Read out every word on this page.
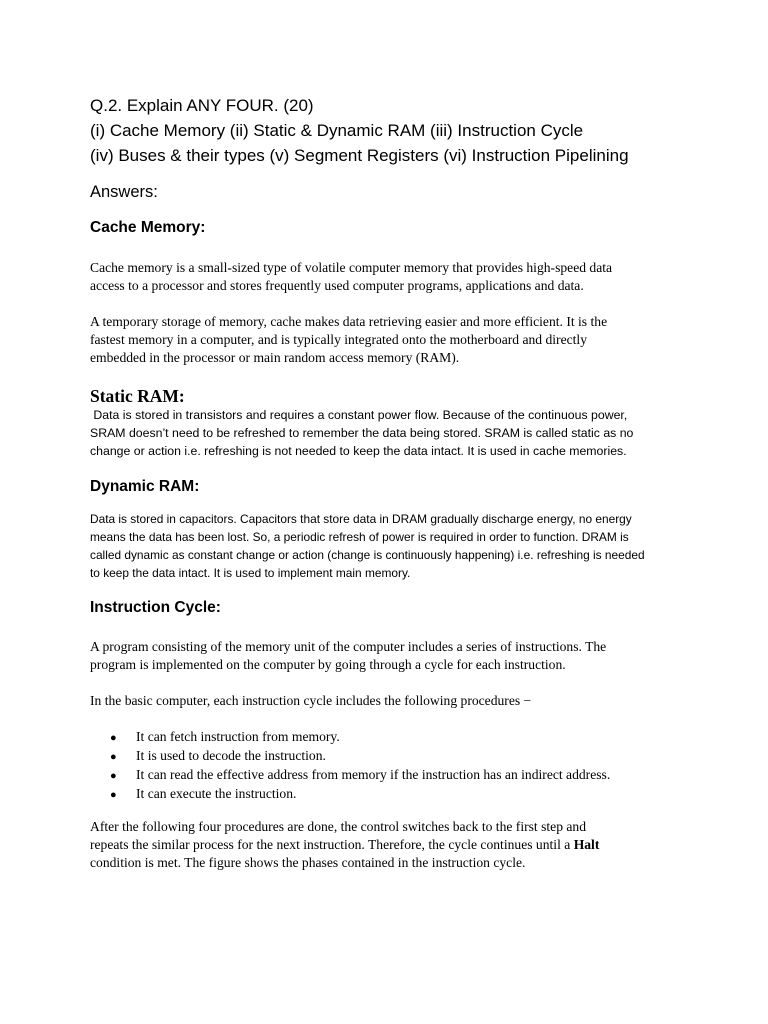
Q.2. Explain ANY FOUR. (20)

(i) Cache Memory (ii) Static & Dynamic RAM (iii) Instruction Cycle

(iv) Buses & their types (v) Segment Registers (vi) Instruction Pipelining

Answers:

Cache Memory:

Cache memory is a small-sized type of volatile computer memory that provides high-speed data
access to a processor and stores frequently used computer programs, applications and data.

A temporary storage of memory, cache makes data retrieving easier and more efficient. It is the
fastest memory in a computer, and is typically integrated onto the motherboard and directly
embedded in the processor or main random access memory (RAM).

Static RAM:

Data is stored in transistors and requires a constant power flow. Because of the continuous power,
SRAM doesn’t need to be refreshed to remember the data being stored. SRAM is called static as no
change or action i.e. refreshing is not needed to keep the data intact. It is used in cache memories.

Dynamic RAM:

Data is stored in capacitors. Capacitors that store data in DRAM gradually discharge energy, no energy
means the data has been lost. So, a periodic refresh of power is required in order to function. DRAM is
called dynamic as constant change or action (change is continuously happening) i.e. refreshing is needed
to keep the data intact. It is used to implement main memory.

Instruction Cycle:

A program consisting of the memory unit of the computer includes a series of instructions. The
program is implemented on the computer by going through a cycle for each instruction.

In the basic computer, each instruction cycle includes the following procedures −

●	It can fetch instruction from memory.
●	It is used to decode the instruction.
●	It can read the effective address from memory if the instruction has an indirect address.
●	It can execute the instruction.

After the following four procedures are done, the control switches back to the first step and
repeats the similar process for the next instruction. Therefore, the cycle continues until a Halt
condition is met. The figure shows the phases contained in the instruction cycle.
